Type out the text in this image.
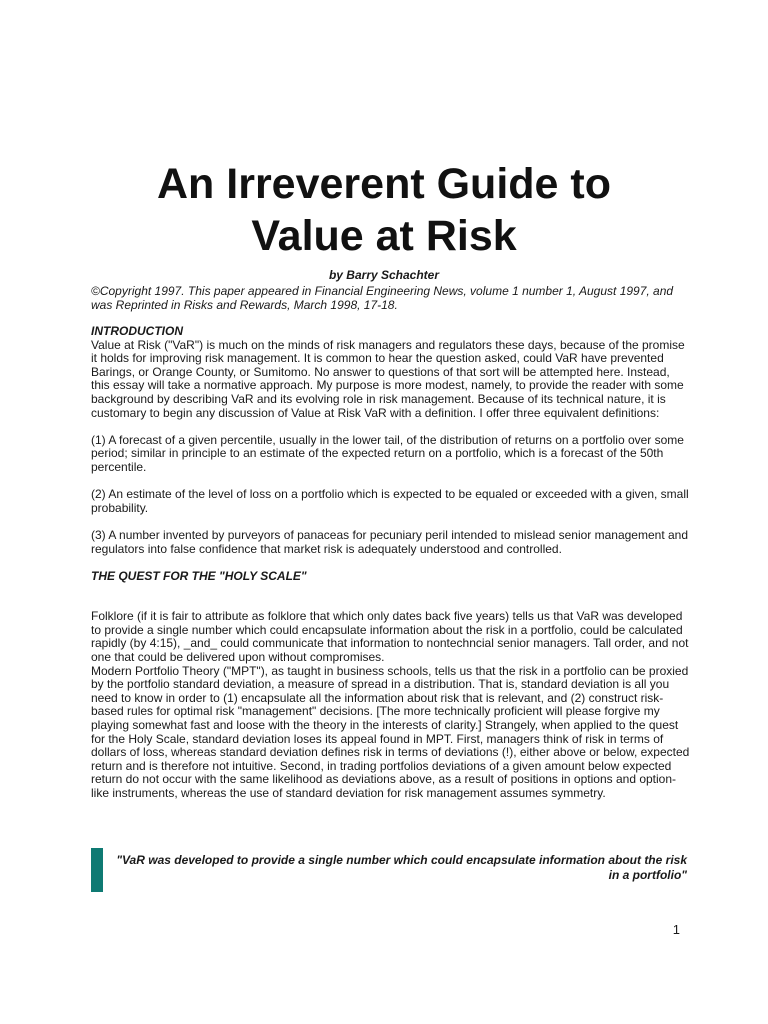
An Irreverent Guide to
Value at Risk
by Barry Schachter
©Copyright 1997. This paper appeared in Financial Engineering News, volume 1 number 1, August 1997, and was Reprinted in Risks and Rewards, March 1998, 17-18.

INTRODUCTION

Value at Risk ("VaR") is much on the minds of risk managers and regulators these days, because of the promise it holds for improving risk management. It is common to hear the question asked, could VaR have prevented Barings, or Orange County, or Sumitomo. No answer to questions of that sort will be attempted here. Instead, this essay will take a normative approach. My purpose is more modest, namely, to provide the reader with some background by describing VaR and its evolving role in risk management. Because of its technical nature, it is customary to begin any discussion of Value at Risk VaR with a definition. I offer three equivalent definitions:

(1) A forecast of a given percentile, usually in the lower tail, of the distribution of returns on a portfolio over some period; similar in principle to an estimate of the expected return on a portfolio, which is a forecast of the 50th percentile.

(2) An estimate of the level of loss on a portfolio which is expected to be equaled or exceeded with a given, small probability.

(3) A number invented by purveyors of panaceas for pecuniary peril intended to mislead senior management and regulators into false confidence that market risk is adequately understood and controlled.

THE QUEST FOR THE "HOLY SCALE"

Folklore (if it is fair to attribute as folklore that which only dates back five years) tells us that VaR was developed to provide a single number which could encapsulate information about the risk in a portfolio, could be calculated rapidly (by 4:15), _and_ could communicate that information to nontechncial senior managers. Tall order, and not one that could be delivered upon without compromises.

Modern Portfolio Theory ("MPT"), as taught in business schools, tells us that the risk in a portfolio can be proxied by the portfolio standard deviation, a measure of spread in a distribution. That is, standard deviation is all you need to know in order to (1) encapsulate all the information about risk that is relevant, and (2) construct risk-based rules for optimal risk "management" decisions. [The more technically proficient will please forgive my playing somewhat fast and loose with the theory in the interests of clarity.] Strangely, when applied to the quest for the Holy Scale, standard deviation loses its appeal found in MPT. First, managers think of risk in terms of dollars of loss, whereas standard deviation defines risk in terms of deviations (!), either above or below, expected return and is therefore not intuitive. Second, in trading portfolios deviations of a given amount below expected return do not occur with the same likelihood as deviations above, as a result of positions in options and option-like instruments, whereas the use of standard deviation for risk management assumes symmetry.

"VaR was developed to provide a single number which could encapsulate information about the risk in a portfolio"
1
